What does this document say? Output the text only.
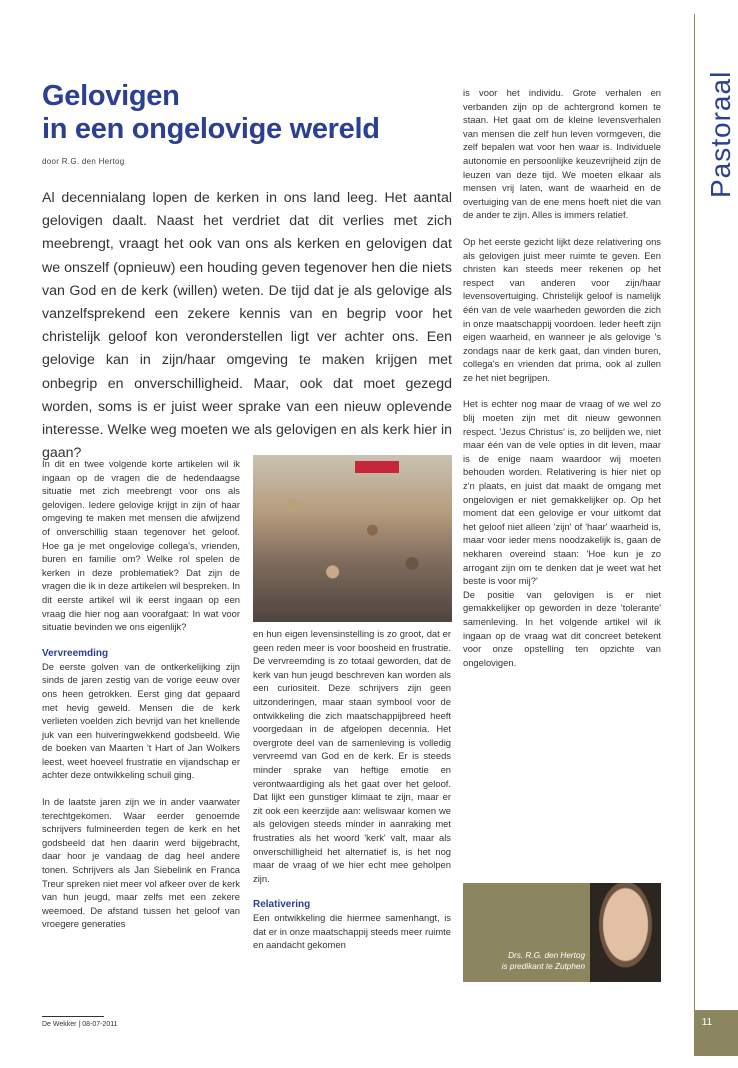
Gelovigen
in een ongelovige wereld
door R.G. den Hertog
Al decennialang lopen de kerken in ons land leeg. Het aantal gelovigen daalt. Naast het verdriet dat dit verlies met zich meebrengt, vraagt het ook van ons als kerken en gelovigen dat we onszelf (opnieuw) een houding geven tegenover hen die niets van God en de kerk (willen) weten. De tijd dat je als gelovige als vanzelfsprekend een zekere kennis van en begrip voor het christelijk geloof kon veronderstellen ligt ver achter ons. Een gelovige kan in zijn/haar omgeving te maken krijgen met onbegrip en onverschilligheid. Maar, ook dat moet gezegd worden, soms is er juist weer sprake van een nieuw oplevende interesse. Welke weg moeten we als gelovigen en als kerk hier in gaan?

In dit en twee volgende korte artikelen wil ik ingaan op de vragen die de hedendaagse situatie met zich meebrengt voor ons als gelovigen. Iedere gelovige krijgt in zijn of haar omgeving te maken met mensen die afwijzend of onverschillig staan tegenover het geloof. Hoe ga je met ongelovige collega's, vrienden, buren en familie om? Welke rol spelen de kerken in deze problematiek? Dat zijn de vragen die ik in deze artikelen wil bespreken. In dit eerste artikel wil ik eerst ingaan op een vraag die hier nog aan voorafgaat: In wat voor situatie bevinden we ons eigenlijk?

Vervreemding

De eerste golven van de ontkerkelijking zijn sinds de jaren zestig van de vorige eeuw over ons heen getrokken. Eerst ging dat gepaard met hevig geweld. Mensen die de kerk verlieten voelden zich bevrijd van het knellende juk van een huiveringwekkend godsbeeld. Wie de boeken van Maarten 't Hart of Jan Wolkers leest, weet hoeveel frustratie en vijandschap er achter deze ontwikkeling schuil ging.

In de laatste jaren zijn we in ander vaarwater terechtgekomen. Waar eerder genoemde schrijvers fulmineerden tegen de kerk en het godsbeeld dat hen daarin werd bijgebracht, daar hoor je vandaag de dag heel andere tonen. Schrijvers als Jan Siebelink en Franca Treur spreken niet meer vol afkeer over de kerk van hun jeugd, maar zelfs met een zekere weemoed. De afstand tussen het geloof van vroegere generaties

en hun eigen levensinstelling is zo groot, dat er geen reden meer is voor boosheid en frustratie. De vervreemding is zo totaal geworden, dat de kerk van hun jeugd beschreven kan worden als een curiositeit. Deze schrijvers zijn geen uitzonderingen, maar staan symbool voor de ontwikkeling die zich maatschappijbreed heeft voorgedaan in de afgelopen decennia. Het overgrote deel van de samenleving is volledig vervreemd van God en de kerk. Er is steeds minder sprake van heftige emotie en verontwaardiging als het gaat over het geloof. Dat lijkt een gunstiger klimaat te zijn, maar er zit ook een keerzijde aan: weliswaar komen we als gelovigen steeds minder in aanraking met frustraties als het woord 'kerk' valt, maar als onverschilligheid het alternatief is, is het nog maar de vraag of we hier echt mee geholpen zijn.

Relativering

Een ontwikkeling die hiermee samenhangt, is dat er in onze maatschappij steeds meer ruimte en aandacht gekomen

is voor het individu. Grote verhalen en verbanden zijn op de achtergrond komen te staan. Het gaat om de kleine levensverhalen van mensen die zelf hun leven vormgeven, die zelf bepalen wat voor hen waar is. Individuele autonomie en persoonlijke keuzevrijheid zijn de leuzen van deze tijd. We moeten elkaar als mensen vrij laten, want de waarheid en de overtuiging van de ene mens hoeft niet die van de ander te zijn. Alles is immers relatief.

Op het eerste gezicht lijkt deze relativering ons als gelovigen juist meer ruimte te geven. Een christen kan steeds meer rekenen op het respect van anderen voor zijn/haar levensovertuiging. Christelijk geloof is namelijk één van de vele waarheden geworden die zich in onze maatschappij voordoen. Ieder heeft zijn eigen waarheid, en wanneer je als gelovige 's zondags naar de kerk gaat, dan vinden buren, collega's en vrienden dat prima, ook al zullen ze het niet begrijpen.

Het is echter nog maar de vraag of we wel zo blij moeten zijn met dit nieuw gewonnen respect. 'Jezus Christus' is, zo belijden we, niet maar één van de vele opties in dit leven, maar is de enige naam waardoor wij moeten behouden worden. Relativering is hier niet op z'n plaats, en juist dat maakt de omgang met ongelovigen er niet gemakkelijker op. Op het moment dat een gelovige er vour uitkomt dat het geloof niet alleen 'zijn' of 'haar' waarheid is, maar voor ieder mens noodzakelijk is, gaan de nekharen overeind staan: 'Hoe kun je zo arrogant zijn om te denken dat je weet wat het beste is voor mij?'

De positie van gelovigen is er niet gemakkelijker op geworden in deze 'tolerante' samenleving. In het volgende artikel wil ik ingaan op de vraag wat dit concreet betekent voor onze opstelling ten opzichte van ongelovigen.

Pastoraal
Drs. R.G. den Hertog
is predikant te Zutphen
De Wekker | 08-07-2011	11
